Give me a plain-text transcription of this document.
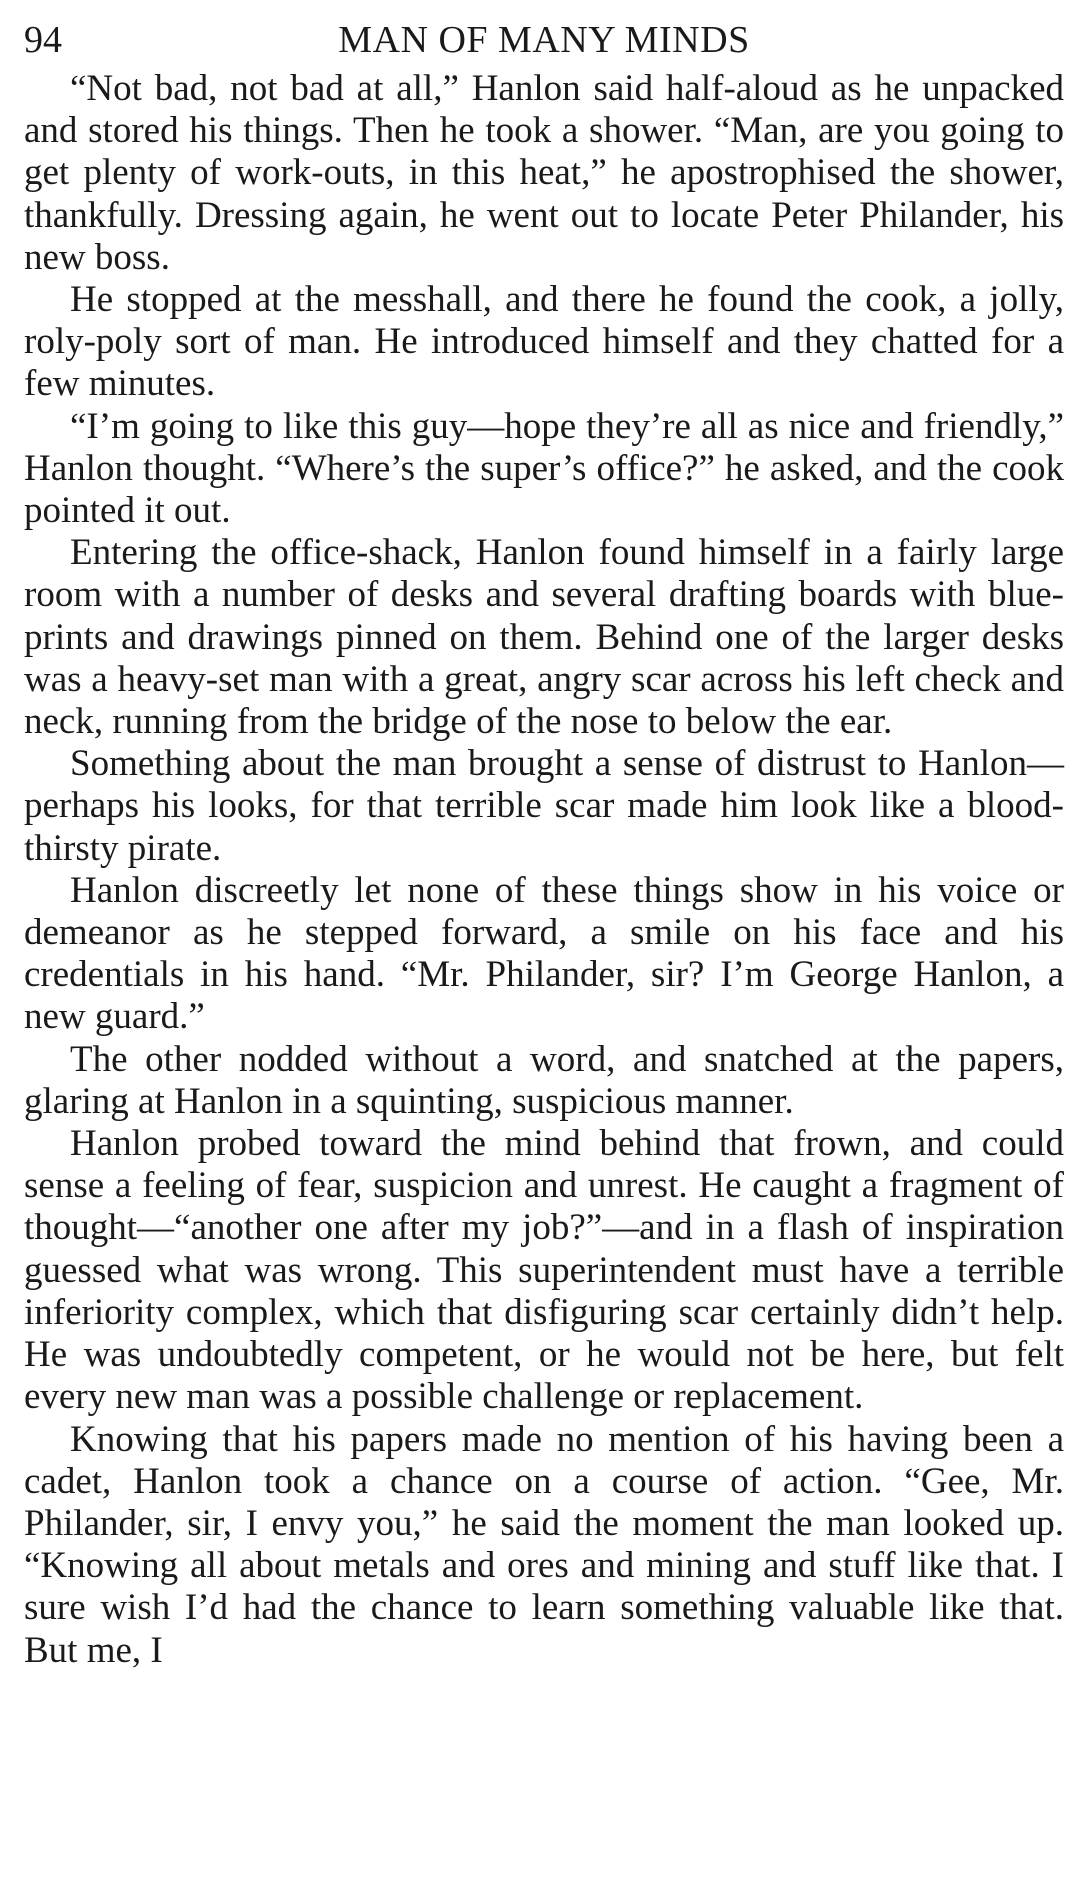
94	MAN OF MANY MINDS

“Not bad, not bad at all,” Hanlon said half-aloud as he unpacked and stored his things. Then he took a shower. “Man, are you going to get plenty of work-outs, in this heat,” he apostrophised the shower, thankfully. Dressing again, he went out to locate Peter Philander, his new boss.

He stopped at the messhall, and there he found the cook, a jolly, roly-poly sort of man. He introduced himself and they chatted for a few minutes.

“I’m going to like this guy—hope they’re all as nice and friendly,” Hanlon thought. “Where’s the super’s office?” he asked, and the cook pointed it out.

Entering the office-shack, Hanlon found himself in a fairly large room with a number of desks and several drafting boards with blue-prints and drawings pinned on them. Behind one of the larger desks was a heavy-set man with a great, angry scar across his left check and neck, running from the bridge of the nose to below the ear.

Something about the man brought a sense of distrust to Hanlon—perhaps his looks, for that terrible scar made him look like a blood-thirsty pirate.

Hanlon discreetly let none of these things show in his voice or demeanor as he stepped forward, a smile on his face and his credentials in his hand. “Mr. Philander, sir? I’m George Hanlon, a new guard.”

The other nodded without a word, and snatched at the papers, glaring at Hanlon in a squinting, suspicious manner.

Hanlon probed toward the mind behind that frown, and could sense a feeling of fear, suspicion and unrest. He caught a fragment of thought—“another one after my job?”—and in a flash of inspiration guessed what was wrong. This superintendent must have a terrible inferiority complex, which that disfiguring scar certainly didn’t help. He was undoubtedly competent, or he would not be here, but felt every new man was a possible challenge or replacement.

Knowing that his papers made no mention of his having been a cadet, Hanlon took a chance on a course of action. “Gee, Mr. Philander, sir, I envy you,” he said the moment the man looked up. “Knowing all about metals and ores and mining and stuff like that. I sure wish I’d had the chance to learn something valuable like that. But me, I
